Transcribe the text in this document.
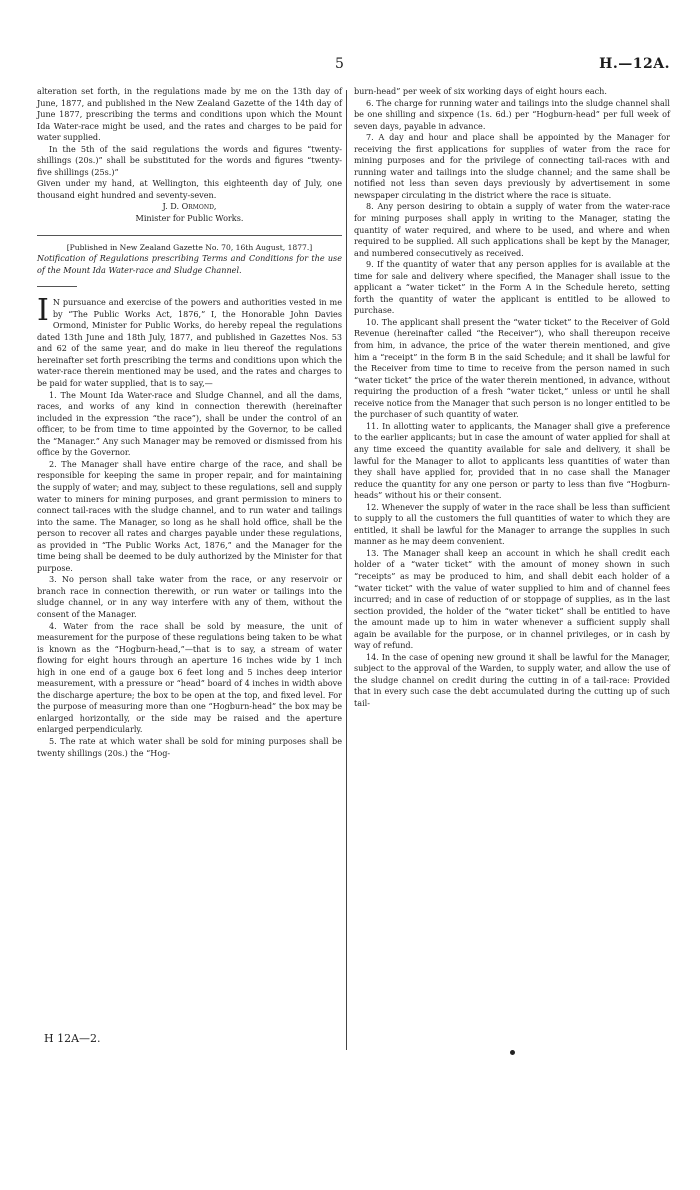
5	H.—12A.

alteration set forth, in the regulations made by me on the 13th day of June, 1877, and published in the New Zealand Gazette of the 14th day of June 1877, prescribing the terms and conditions upon which the Mount Ida Water-race might be used, and the rates and charges to be paid for water supplied.

In the 5th of the said regulations the words and figures “twenty-shillings (20s.)” shall be substituted for the words and figures “twenty-five shillings (25s.)”

Given under my hand, at Wellington, this eighteenth day of July, one thousand eight hundred and seventy-seven.

J. D. Ormond,

Minister for Public Works.

[Published in New Zealand Gazette No. 70, 16th August, 1877.]

Notification of Regulations prescribing Terms and Conditions for the use of the Mount Ida Water-race and Sludge Channel.

I N pursuance and exercise of the powers and authorities vested in me by “The Public Works Act, 1876,” I, the Honorable John Davies Ormond, Minister for Public Works, do hereby repeal the regulations dated 13th June and 18th July, 1877, and published in Gazettes Nos. 53 and 62 of the same year, and do make in lieu thereof the regulations hereinafter set forth prescribing the terms and conditions upon which the water-race therein mentioned may be used, and the rates and charges to be paid for water supplied, that is to say,—

1. The Mount Ida Water-race and Sludge Channel, and all the dams, races, and works of any kind in connection therewith (hereinafter included in the expression “the race”), shall be under the control of an officer, to be from time to time appointed by the Governor, to be called the “Manager.” Any such Manager may be removed or dismissed from his office by the Governor.

2. The Manager shall have entire charge of the race, and shall be responsible for keeping the same in proper repair, and for maintaining the supply of water; and may, subject to these regulations, sell and supply water to miners for mining purposes, and grant permission to miners to connect tail-races with the sludge channel, and to run water and tailings into the same. The Manager, so long as he shall hold office, shall be the person to recover all rates and charges payable under these regulations, as provided in “The Public Works Act, 1876,” and the Manager for the time being shall be deemed to be duly authorized by the Minister for that purpose.

3. No person shall take water from the race, or any reservoir or branch race in connection therewith, or run water or tailings into the sludge channel, or in any way interfere with any of them, without the consent of the Manager.

4. Water from the race shall be sold by measure, the unit of measurement for the purpose of these regulations being taken to be what is known as the “Hogburn-head,”—that is to say, a stream of water flowing for eight hours through an aperture 16 inches wide by 1 inch high in one end of a gauge box 6 feet long and 5 inches deep interior measurement, with a pressure or “head” board of 4 inches in width above the discharge aperture; the box to be open at the top, and fixed level. For the purpose of measuring more than one “Hogburn-head” the box may be enlarged horizontally, or the side may be raised and the aperture enlarged perpendicularly.

5. The rate at which water shall be sold for mining purposes shall be twenty shillings (20s.) the “Hog-

burn-head” per week of six working days of eight hours each.

6. The charge for running water and tailings into the sludge channel shall be one shilling and sixpence (1s. 6d.) per “Hogburn-head” per full week of seven days, payable in advance.

7. A day and hour and place shall be appointed by the Manager for receiving the first applications for supplies of water from the race for mining purposes and for the privilege of connecting tail-races with and running water and tailings into the sludge channel; and the same shall be notified not less than seven days previously by advertisement in some newspaper circulating in the district where the race is situate.

8. Any person desiring to obtain a supply of water from the water-race for mining purposes shall apply in writing to the Manager, stating the quantity of water required, and where to be used, and where and when required to be supplied. All such applications shall be kept by the Manager, and numbered consecutively as received.

9. If the quantity of water that any person applies for is available at the time for sale and delivery where specified, the Manager shall issue to the applicant a “water ticket” in the Form A in the Schedule hereto, setting forth the quantity of water the applicant is entitled to be allowed to purchase.

10. The applicant shall present the “water ticket” to the Receiver of Gold Revenue (hereinafter called “the Receiver”), who shall thereupon receive from him, in advance, the price of the water therein mentioned, and give him a “receipt” in the form B in the said Schedule; and it shall be lawful for the Receiver from time to time to receive from the person named in such “water ticket” the price of the water therein mentioned, in advance, without requiring the production of a fresh “water ticket,” unless or until he shall receive notice from the Manager that such person is no longer entitled to be the purchaser of such quantity of water.

11. In allotting water to applicants, the Manager shall give a preference to the earlier applicants; but in case the amount of water applied for shall at any time exceed the quantity available for sale and delivery, it shall be lawful for the Manager to allot to applicants less quantities of water than they shall have applied for, provided that in no case shall the Manager reduce the quantity for any one person or party to less than five “Hogburn-heads” without his or their consent.

12. Whenever the supply of water in the race shall be less than sufficient to supply to all the customers the full quantities of water to which they are entitled, it shall be lawful for the Manager to arrange the supplies in such manner as he may deem convenient.

13. The Manager shall keep an account in which he shall credit each holder of a “water ticket” with the amount of money shown in such “receipts” as may be produced to him, and shall debit each holder of a “water ticket” with the value of water supplied to him and of channel fees incurred; and in case of reduction of or stoppage of supplies, as in the last section provided, the holder of the “water ticket” shall be entitled to have the amount made up to him in water whenever a sufficient supply shall again be available for the purpose, or in channel privileges, or in cash by way of refund.

14. In the case of opening new ground it shall be lawful for the Manager, subject to the approval of the Warden, to supply water, and allow the use of the sludge channel on credit during the cutting in of a tail-race: Provided that in every such case the debt accumulated during the cutting up of such tail-

H 12A—2.
